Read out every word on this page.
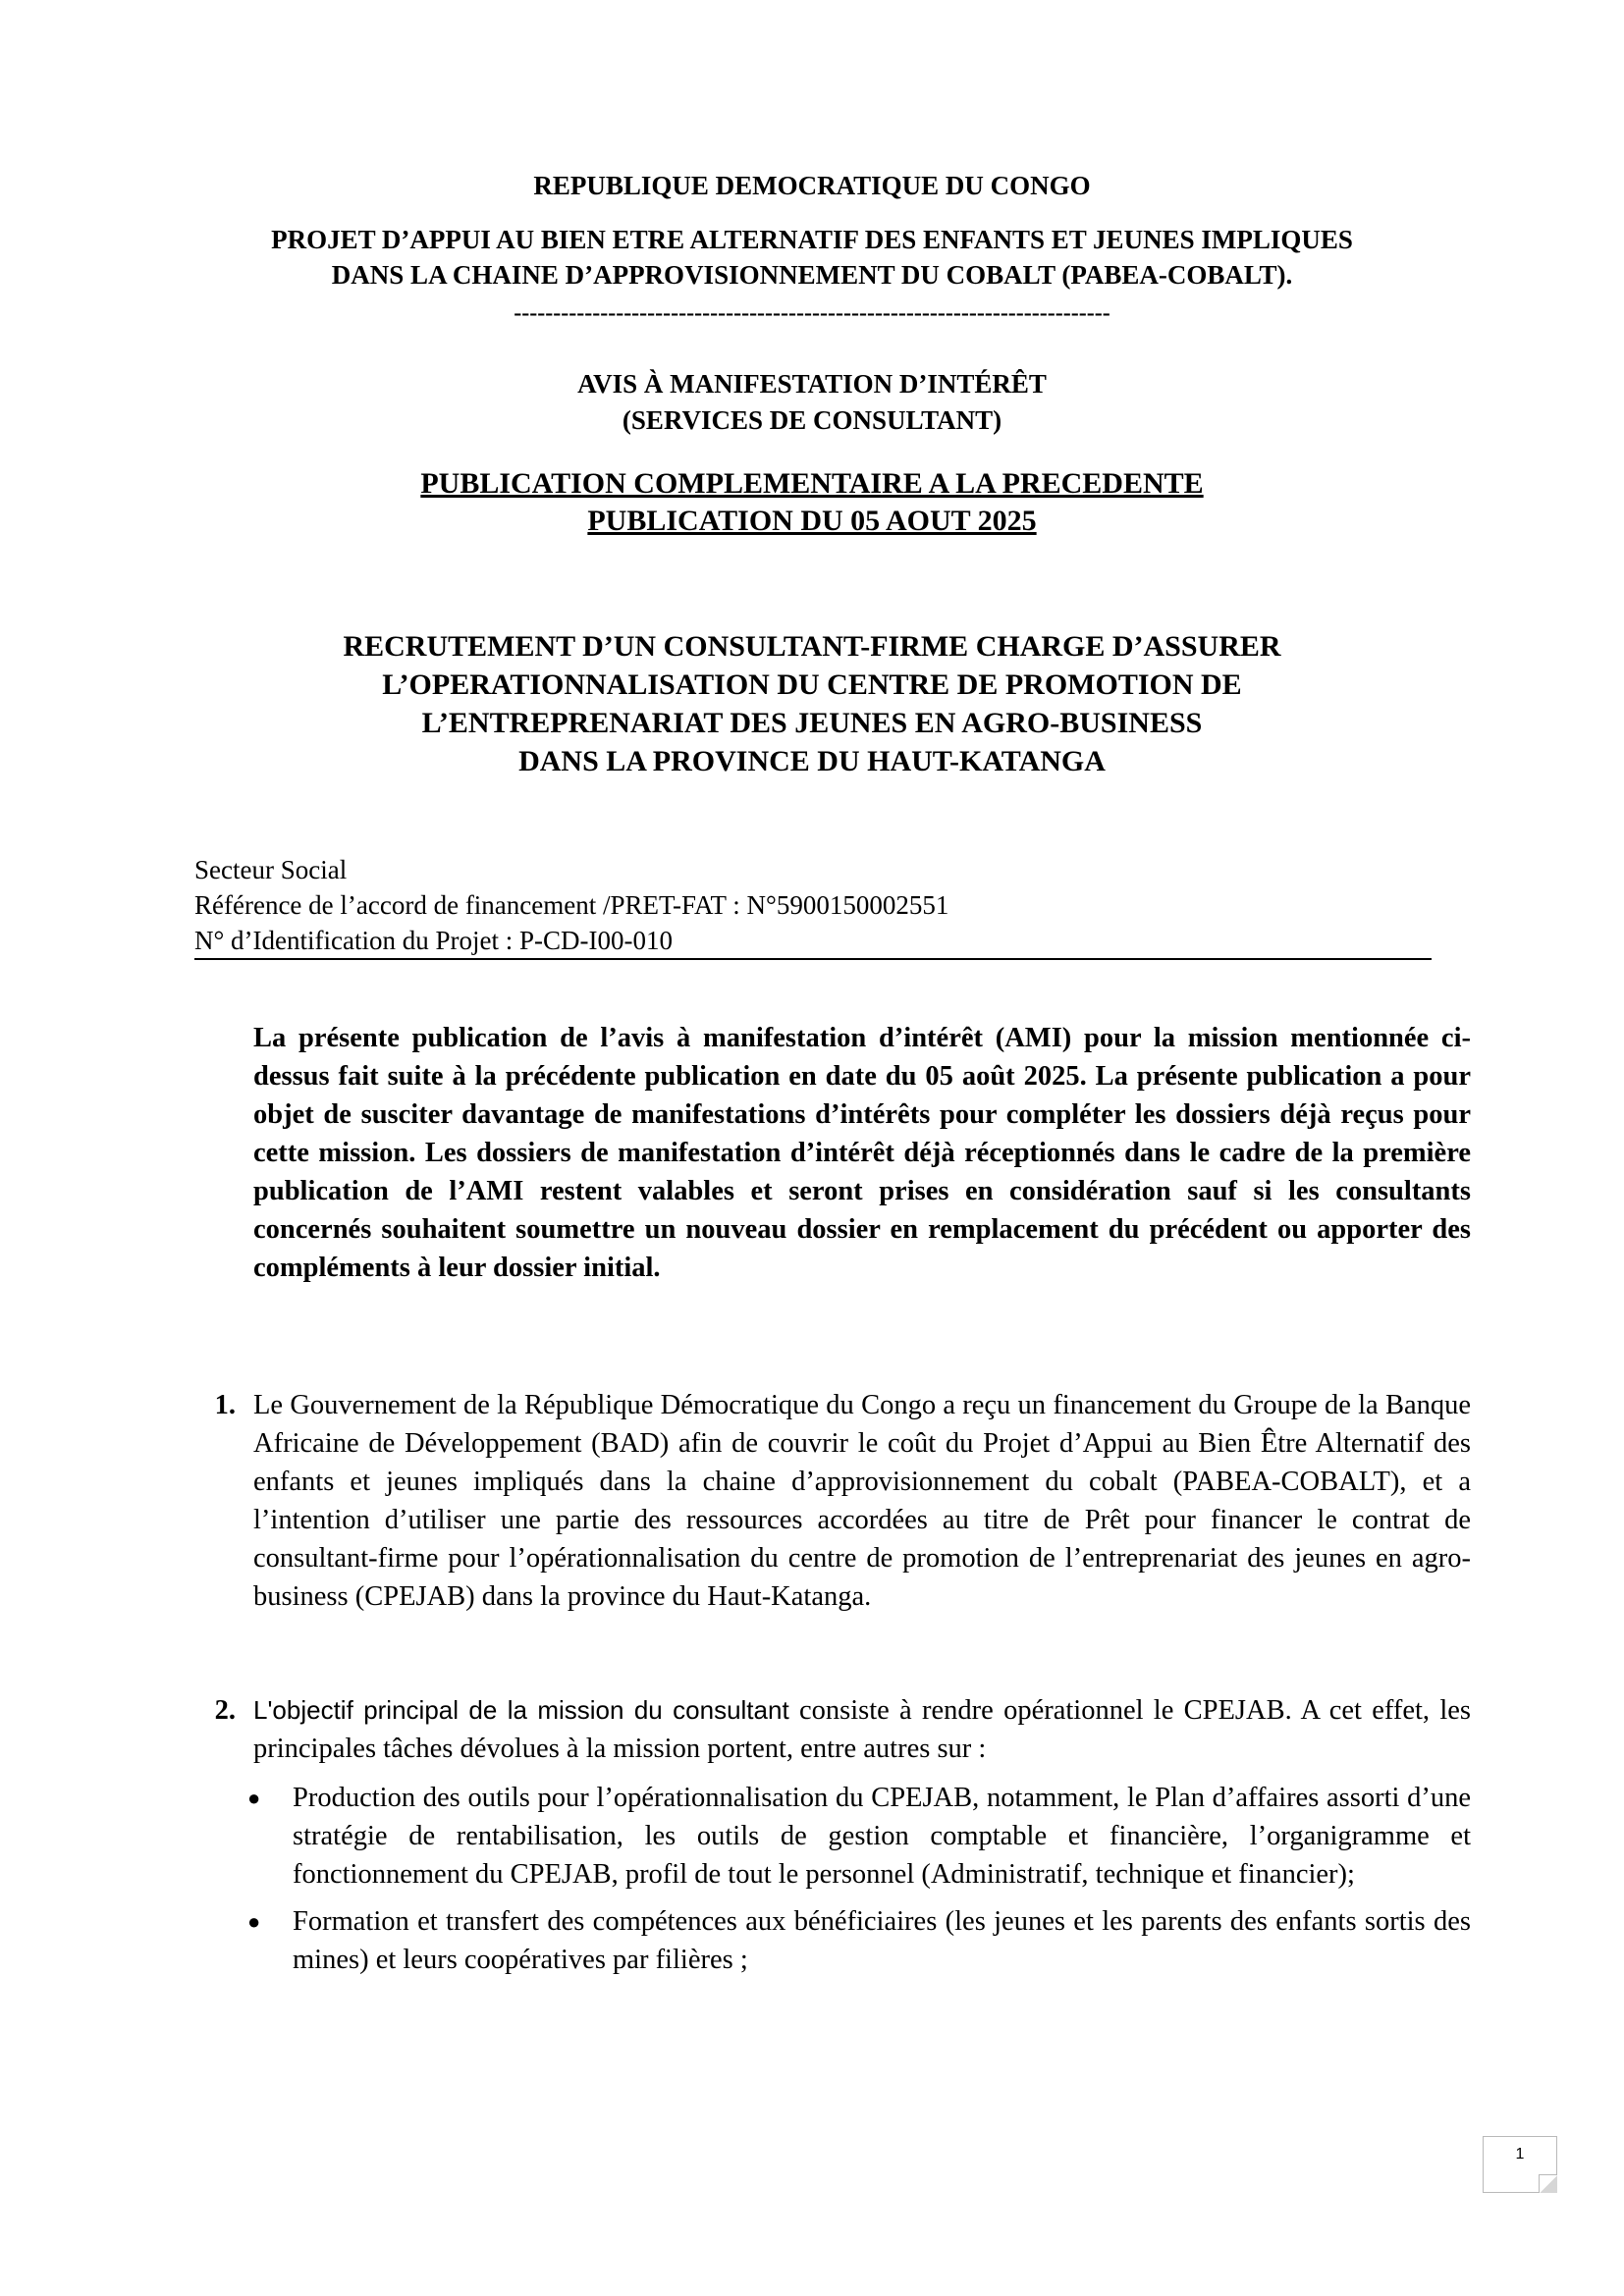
REPUBLIQUE DEMOCRATIQUE DU CONGO

PROJET D’APPUI AU BIEN ETRE ALTERNATIF DES ENFANTS ET JEUNES IMPLIQUES

DANS LA CHAINE D’APPROVISIONNEMENT DU COBALT (PABEA-COBALT).

----------------------------------------------------------------------------

AVIS À MANIFESTATION D’INTÉRÊT

(SERVICES DE CONSULTANT)

PUBLICATION COMPLEMENTAIRE A LA PRECEDENTE

PUBLICATION DU 05 AOUT 2025

RECRUTEMENT D’UN CONSULTANT-FIRME CHARGE D’ASSURER

L’OPERATIONNALISATION DU CENTRE DE PROMOTION DE

L’ENTREPRENARIAT DES JEUNES EN AGRO-BUSINESS

DANS LA PROVINCE DU HAUT-KATANGA

Secteur Social
Référence de l’accord de financement /PRET-FAT : N°5900150002551
N° d’Identification du Projet : P-CD-I00-010

La présente publication de l’avis à manifestation d’intérêt (AMI) pour la mission mentionnée ci-dessus fait suite à la précédente publication en date du 05 août 2025. La présente publication a pour objet de susciter davantage de manifestations d’intérêts pour compléter les dossiers déjà reçus pour cette mission. Les dossiers de manifestation d’intérêt déjà réceptionnés dans le cadre de la première publication de l’AMI restent valables et seront prises en considération sauf si les consultants concernés souhaitent soumettre un nouveau dossier en remplacement du précédent ou apporter des compléments à leur dossier initial.

1. Le Gouvernement de la République Démocratique du Congo a reçu un financement du Groupe de la Banque Africaine de Développement (BAD) afin de couvrir le coût du Projet d’Appui au Bien Être Alternatif des enfants et jeunes impliqués dans la chaine d’approvisionnement du cobalt (PABEA-COBALT), et a l’intention d’utiliser une partie des ressources accordées au titre de Prêt pour financer le contrat de consultant-firme pour l’opérationnalisation du centre de promotion de l’entreprenariat des jeunes en agro-business (CPEJAB) dans la province du Haut-Katanga.

2. L'objectif principal de la mission du consultant consiste à rendre opérationnel le CPEJAB. A cet effet, les principales tâches dévolues à la mission portent, entre autres sur :

● Production des outils pour l’opérationnalisation du CPEJAB, notamment, le Plan d’affaires assorti d’une stratégie de rentabilisation, les outils de gestion comptable et financière, l’organigramme et fonctionnement du CPEJAB, profil de tout le personnel (Administratif, technique et financier);
● Formation et transfert des compétences aux bénéficiaires (les jeunes et les parents des enfants sortis des mines) et leurs coopératives par filières ;
1
